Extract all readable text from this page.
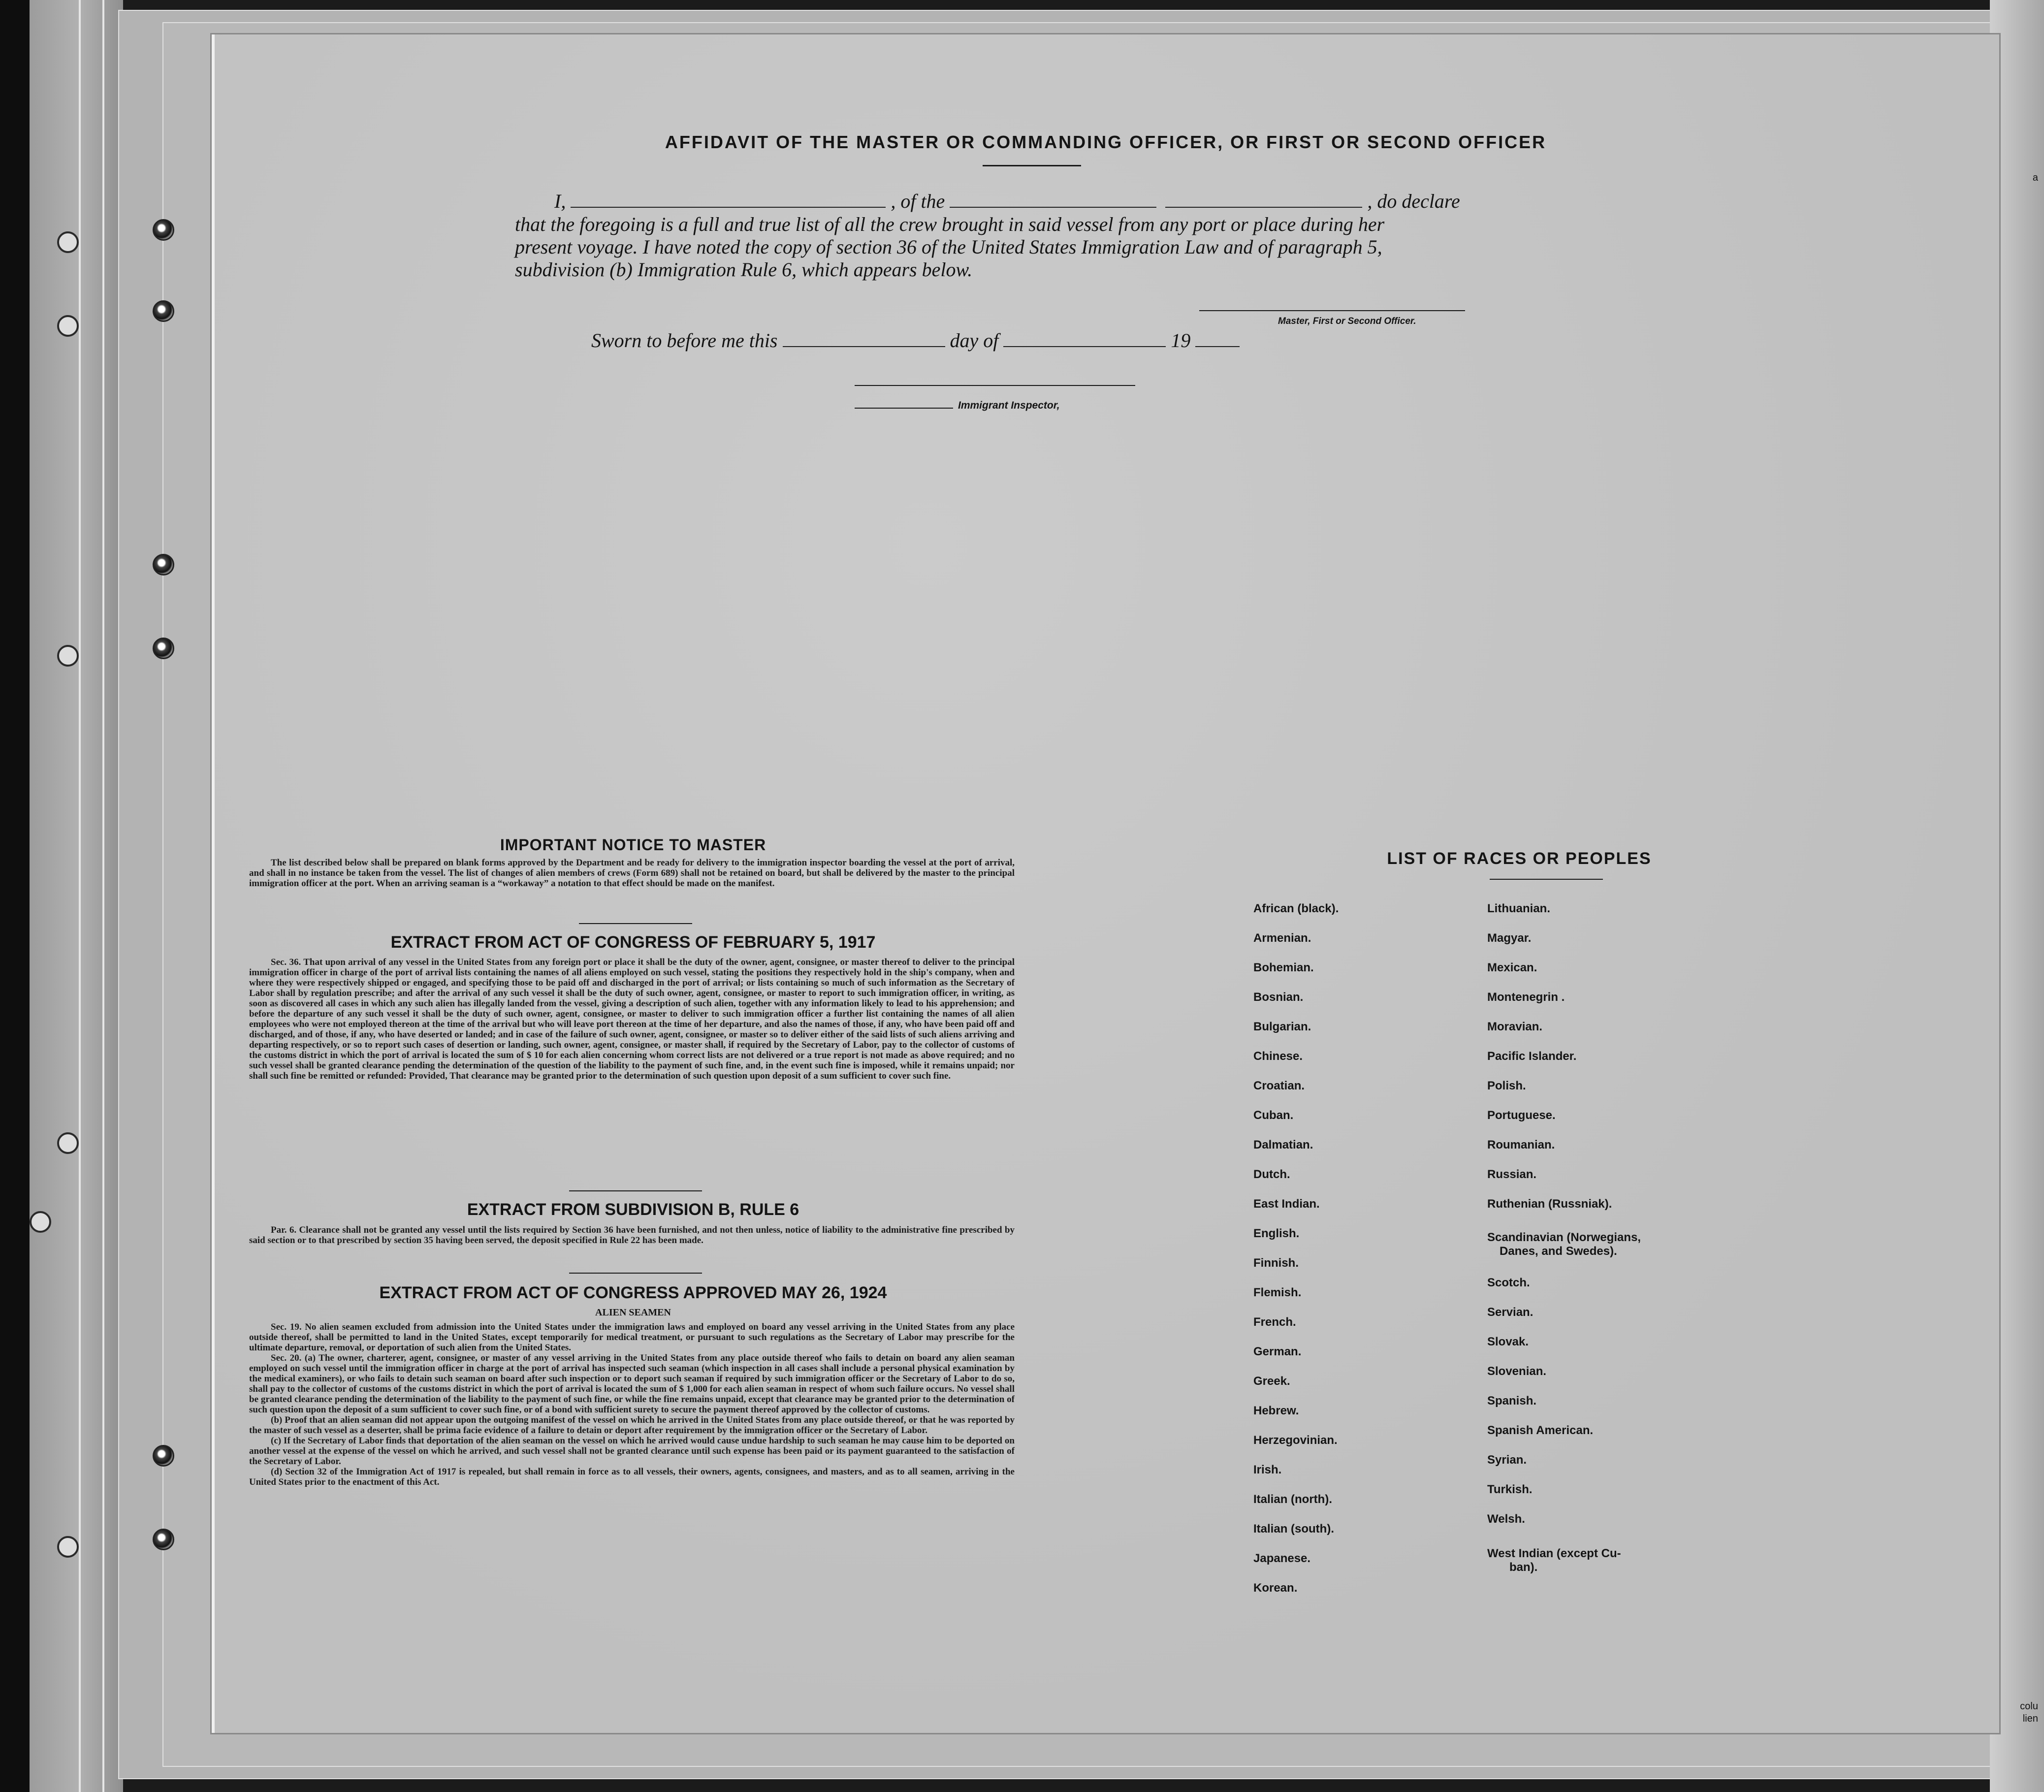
a
colu
lien
AFFIDAVIT OF THE MASTER OR COMMANDING OFFICER, OR FIRST OR SECOND OFFICER
I,	, of the	, do declare
that the foregoing is a full and true list of all the crew brought in said vessel from any port or place during her
present voyage. I have noted the copy of section 36 of the United States Immigration Law and of paragraph 5,
subdivision (b) Immigration Rule 6, which appears below.
Master, First or Second Officer.
Sworn to before me this	day of	19
Immigrant Inspector,
IMPORTANT NOTICE TO MASTER

The list described below shall be prepared on blank forms approved by the Department and be ready for delivery to the immigration inspector boarding the vessel at the port of arrival, and shall in no instance be taken from the vessel. The list of changes of alien members of crews (Form 689) shall not be retained on board, but shall be delivered by the master to the principal immigration officer at the port. When an arriving seaman is a “workaway” a notation to that effect should be made on the manifest.

EXTRACT FROM ACT OF CONGRESS OF FEBRUARY 5, 1917

Sec. 36. That upon arrival of any vessel in the United States from any foreign port or place it shall be the duty of the owner, agent, consignee, or master thereof to deliver to the principal immigration officer in charge of the port of arrival lists containing the names of all aliens employed on such vessel, stating the positions they respectively hold in the ship's company, when and where they were respectively shipped or engaged, and specifying those to be paid off and discharged in the port of arrival; or lists containing so much of such information as the Secretary of Labor shall by regulation prescribe; and after the arrival of any such vessel it shall be the duty of such owner, agent, consignee, or master to report to such immigration officer, in writing, as soon as discovered all cases in which any such alien has illegally landed from the vessel, giving a description of such alien, together with any information likely to lead to his apprehension; and before the departure of any such vessel it shall be the duty of such owner, agent, consignee, or master to deliver to such immigration officer a further list containing the names of all alien employees who were not employed thereon at the time of the arrival but who will leave port thereon at the time of her departure, and also the names of those, if any, who have been paid off and discharged, and of those, if any, who have deserted or landed; and in case of the failure of such owner, agent, consignee, or master so to deliver either of the said lists of such aliens arriving and departing respectively, or so to report such cases of desertion or landing, such owner, agent, consignee, or master shall, if required by the Secretary of Labor, pay to the collector of customs of the customs district in which the port of arrival is located the sum of $ 10 for each alien concerning whom correct lists are not delivered or a true report is not made as above required; and no such vessel shall be granted clearance pending the determination of the question of the liability to the payment of such fine, and, in the event such fine is imposed, while it remains unpaid; nor shall such fine be remitted or refunded: Provided, That clearance may be granted prior to the determination of such question upon deposit of a sum sufficient to cover such fine.

EXTRACT FROM SUBDIVISION B, RULE 6

Par. 6. Clearance shall not be granted any vessel until the lists required by Section 36 have been furnished, and not then unless, notice of liability to the administrative fine prescribed by said section or to that prescribed by section 35 having been served, the deposit specified in Rule 22 has been made.

EXTRACT FROM ACT OF CONGRESS APPROVED MAY 26, 1924
ALIEN SEAMEN

Sec. 19. No alien seamen excluded from admission into the United States under the immigration laws and employed on board any vessel arriving in the United States from any place outside thereof, shall be permitted to land in the United States, except temporarily for medical treatment, or pursuant to such regulations as the Secretary of Labor may prescribe for the ultimate departure, removal, or deportation of such alien from the United States.

Sec. 20. (a) The owner, charterer, agent, consignee, or master of any vessel arriving in the United States from any place outside thereof who fails to detain on board any alien seaman employed on such vessel until the immigration officer in charge at the port of arrival has inspected such seaman (which inspection in all cases shall include a personal physical examination by the medical examiners), or who fails to detain such seaman on board after such inspection or to deport such seaman if required by such immigration officer or the Secretary of Labor to do so, shall pay to the collector of customs of the customs district in which the port of arrival is located the sum of $ 1,000 for each alien seaman in respect of whom such failure occurs. No vessel shall be granted clearance pending the determination of the liability to the payment of such fine, or while the fine remains unpaid, except that clearance may be granted prior to the determination of such question upon the deposit of a sum sufficient to cover such fine, or of a bond with sufficient surety to secure the payment thereof approved by the collector of customs.

(b) Proof that an alien seaman did not appear upon the outgoing manifest of the vessel on which he arrived in the United States from any place outside thereof, or that he was reported by the master of such vessel as a deserter, shall be prima facie evidence of a failure to detain or deport after requirement by the immigration officer or the Secretary of Labor.

(c) If the Secretary of Labor finds that deportation of the alien seaman on the vessel on which he arrived would cause undue hardship to such seaman he may cause him to be deported on another vessel at the expense of the vessel on which he arrived, and such vessel shall not be granted clearance until such expense has been paid or its payment guaranteed to the satisfaction of the Secretary of Labor.

(d) Section 32 of the Immigration Act of 1917 is repealed, but shall remain in force as to all vessels, their owners, agents, consignees, and masters, and as to all seamen, arriving in the United States prior to the enactment of this Act.

LIST OF RACES OR PEOPLES
African (black).
Armenian.
Bohemian.
Bosnian.
Bulgarian.
Chinese.
Croatian.
Cuban.
Dalmatian.
Dutch.
East Indian.
English.
Finnish.
Flemish.
French.
German.
Greek.
Hebrew.
Herzegovinian.
Irish.
Italian (north).
Italian (south).
Japanese.
Korean.
Lithuanian.
Magyar.
Mexican.
Montenegrin .
Moravian.
Pacific Islander.
Polish.
Portuguese.
Roumanian.
Russian.
Ruthenian (Russniak).
Scandinavian (Norwegians,
Danes, and Swedes).
Scotch.
Servian.
Slovak.
Slovenian.
Spanish.
Spanish American.
Syrian.
Turkish.
Welsh.
West Indian (except Cu-
ban).
